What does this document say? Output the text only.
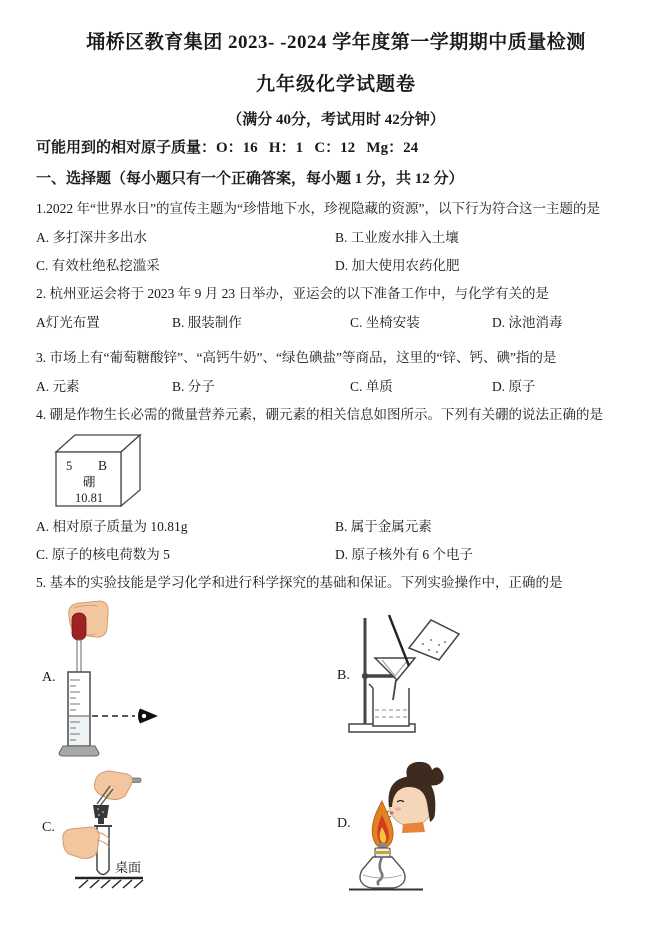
埇桥区教育集团 2023- -2024 学年度第一学期期中质量检测
九年级化学试题卷
（满分 40分，考试用时 42分钟）
可能用到的相对原子质量：O：16   H：1   C：12   Mg：24
一、选择题（每小题只有一个正确答案，每小题 1 分，共 12 分）

1.2022 年“世界水日”的宣传主题为“珍惜地下水，珍视隐藏的资源”，以下行为符合这一主题的是

A. 多打深井多出水	B. 工业废水排入土壤
C. 有效杜绝私挖滥采	D. 加大使用农药化肥

2. 杭州亚运会将于 2023 年 9 月 23 日举办，亚运会的以下准备工作中，与化学有关的是

A灯光布置	B. 服装制作	C. 坐椅安装	D. 泳池消毒

3. 市场上有“葡萄糖酸锌”、“高钙牛奶”、“绿色碘盐”等商品，这里的“锌、钙、碘”指的是

A. 元素	B. 分子	C. 单质	D. 原子

4. 硼是作物生长必需的微量营养元素，硼元素的相关信息如图所示。下列有关硼的说法正确的是

5 B
硼
10.81
A. 相对原子质量为 10.81g	B. 属于金属元素
C. 原子的核电荷数为 5	D. 原子核外有 6 个电子

5. 基本的实验技能是学习化学和进行科学探究的基础和保证。下列实验操作中，正确的是

A.	B.
C.
桌面
D.
